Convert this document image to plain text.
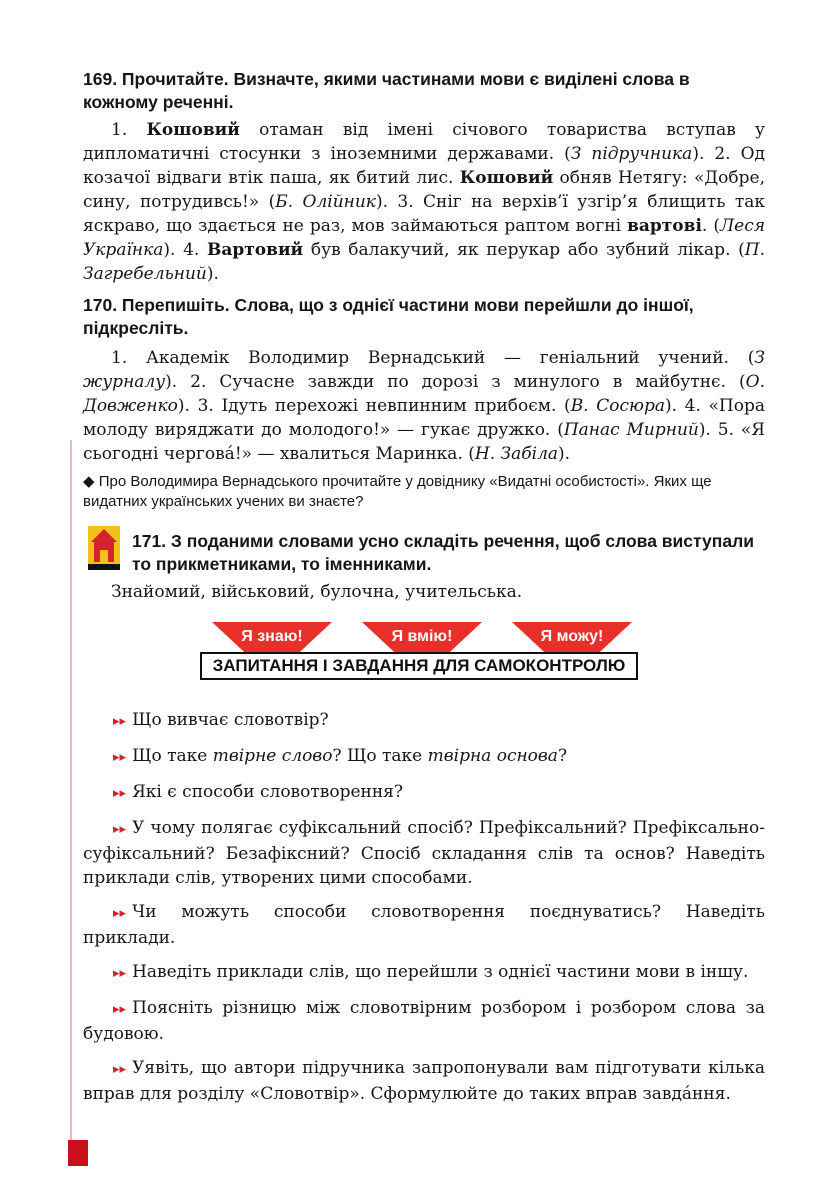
169. Прочитайте. Визначте, якими частинами мови є виділені слова в кожному реченні.

1. Кошовий отаман від імені січового товариства вступав у дипломатичні стосунки з іноземними державами. (З підручника). 2. Од козачої відваги втік паша, як битий лис. Кошовий обняв Нетягу: «Добре, сину, потрудивсь!» (Б. Олійник). 3. Сніг на верхів’ї узгір’я блищить так яскраво, що здається не раз, мов займаються раптом вогні вартові. (Леся Українка). 4. Вартовий був балакучий, як перукар або зубний лікар. (П. Загребельний).

170. Перепишіть. Слова, що з однієї частини мови перейшли до іншої, підкресліть.

1. Академік Володимир Вернадський — геніальний учений. (З журналу). 2. Сучасне завжди по дорозі з минулого в майбутнє. (О. Довженко). 3. Ідуть перехожі невпинним прибоєм. (В. Сосюра). 4. «Пора молоду виряджати до молодого!» — гукає дружко. (Панас Мирний). 5. «Я сьогодні черговá!» — хвалиться Маринка. (Н. Забіла).

◆ Про Володимира Вернадського прочитайте у довіднику «Видатні особистості». Яких ще видатних українських учених ви знаєте?
171. З поданими словами усно складіть речення, щоб слова виступали то прикметниками, то іменниками.

Знайомий, військовий, булочна, учительська.

Я знаю!	Я вмію!	Я можу!
ЗАПИТАННЯ І ЗАВДАННЯ ДЛЯ САМОКОНТРОЛЮ
▸▸ Що вивчає словотвір?
▸▸ Що таке твірне слово? Що таке твірна основа?
▸▸ Які є способи словотворення?
▸▸ У чому полягає суфіксальний спосіб? Префіксальний? Префіксально-суфіксальний? Безафіксний? Спосіб складання слів та основ? Наведіть приклади слів, утворених цими способами.
▸▸ Чи можуть способи словотворення поєднуватись? Наведіть приклади.
▸▸ Наведіть приклади слів, що перейшли з однієї частини мови в іншу.
▸▸ Поясніть різницю між словотвірним розбором і розбором слова за будовою.
▸▸ Уявіть, що автори підручника запропонували вам підготувати кілька вправ для розділу «Словотвір». Сформулюйте до таких вправ завдáння.
